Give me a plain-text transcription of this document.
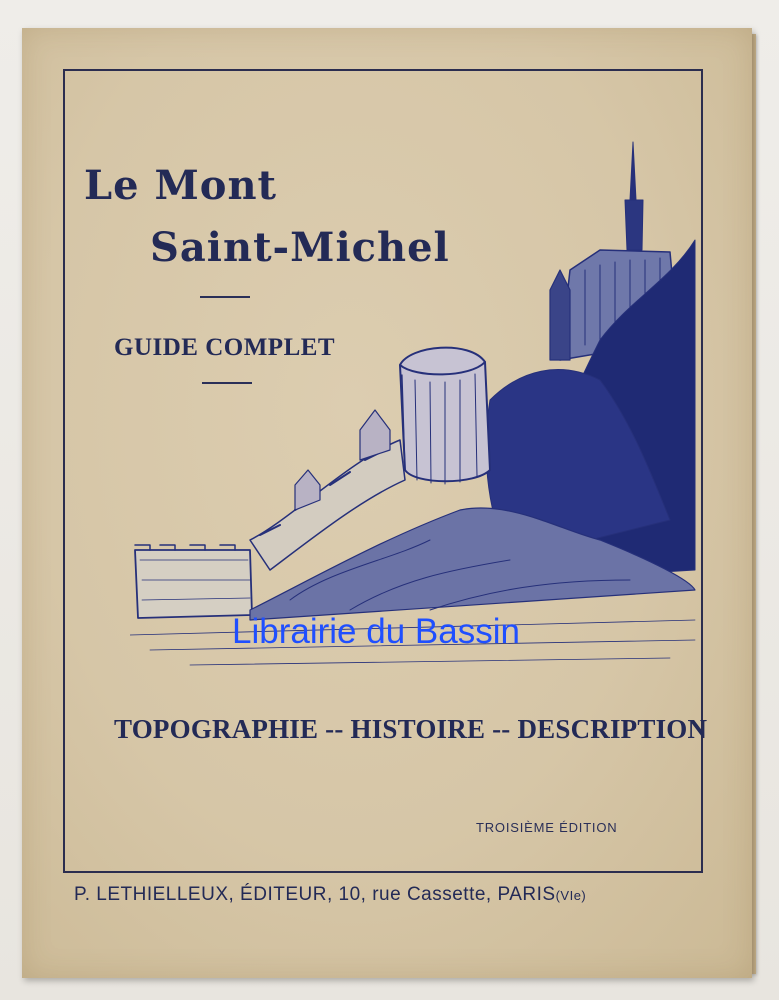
Le Mont
Saint-Michel
GUIDE COMPLET
Librairie du Bassin
TOPOGRAPHIE -- HISTOIRE -- DESCRIPTION
TROISIÈME ÉDITION
P. LETHIELLEUX, ÉDITEUR, 10, rue Cassette, PARIS(VIe)
